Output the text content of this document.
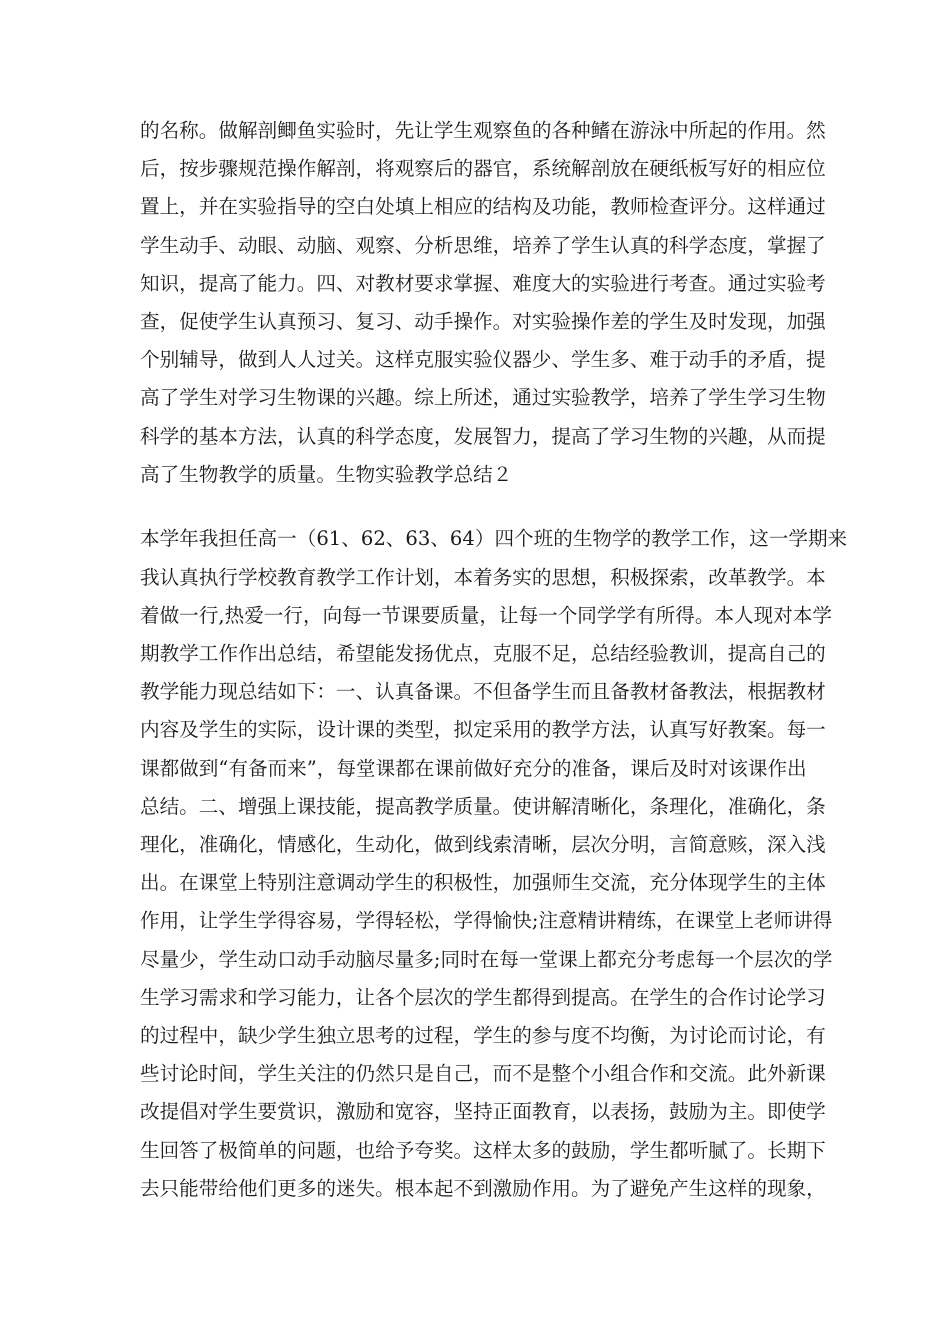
的名称。做解剖鲫鱼实验时，先让学生观察鱼的各种鳍在游泳中所起的作用。然
后，按步骤规范操作解剖，将观察后的器官，系统解剖放在硬纸板写好的相应位
置上，并在实验指导的空白处填上相应的结构及功能，教师检查评分。这样通过
学生动手、动眼、动脑、观察、分析思维，培养了学生认真的科学态度，掌握了
知识，提高了能力。四、对教材要求掌握、难度大的实验进行考查。通过实验考
查，促使学生认真预习、复习、动手操作。对实验操作差的学生及时发现，加强
个别辅导，做到人人过关。这样克服实验仪器少、学生多、难于动手的矛盾，提
高了学生对学习生物课的兴趣。综上所述，通过实验教学，培养了学生学习生物
科学的基本方法，认真的科学态度，发展智力，提高了学习生物的兴趣，从而提
高了生物教学的质量。生物实验教学总结２
本学年我担任高一（61、62、63、64）四个班的生物学的教学工作，这一学期来
我认真执行学校教育教学工作计划，本着务实的思想，积极探索，改革教学。本
着做一行,热爱一行，向每一节课要质量，让每一个同学学有所得。本人现对本学
期教学工作作出总结，希望能发扬优点，克服不足，总结经验教训，提高自己的
教学能力现总结如下：一、认真备课。不但备学生而且备教材备教法，根据教材
内容及学生的实际，设计课的类型，拟定采用的教学方法，认真写好教案。每一
课都做到“有备而来”，每堂课都在课前做好充分的准备，课后及时对该课作出
总结。二、增强上课技能，提高教学质量。使讲解清晰化，条理化，准确化，条
理化，准确化，情感化，生动化，做到线索清晰，层次分明，言简意赅，深入浅
出。在课堂上特别注意调动学生的积极性，加强师生交流，充分体现学生的主体
作用，让学生学得容易，学得轻松，学得愉快;注意精讲精练，在课堂上老师讲得
尽量少，学生动口动手动脑尽量多;同时在每一堂课上都充分考虑每一个层次的学
生学习需求和学习能力，让各个层次的学生都得到提高。在学生的合作讨论学习
的过程中，缺少学生独立思考的过程，学生的参与度不均衡，为讨论而讨论，有
些讨论时间，学生关注的仍然只是自己，而不是整个小组合作和交流。此外新课
改提倡对学生要赏识，激励和宽容，坚持正面教育，以表扬，鼓励为主。即使学
生回答了极简单的问题，也给予夸奖。这样太多的鼓励，学生都听腻了。长期下
去只能带给他们更多的迷失。根本起不到激励作用。为了避免产生这样的现象，
